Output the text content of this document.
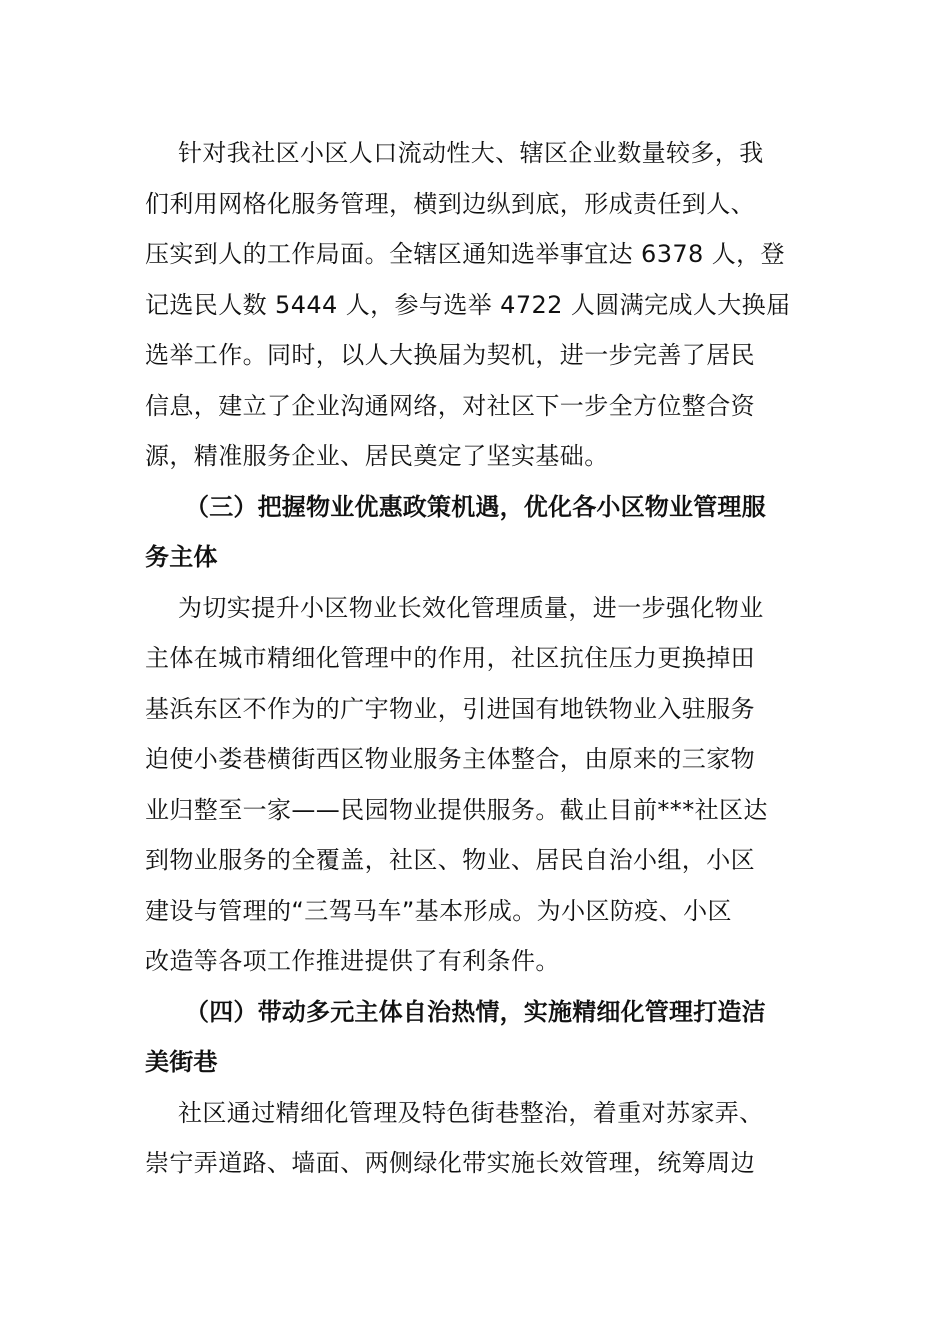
针对我社区小区人口流动性大、辖区企业数量较多，我
们利用网格化服务管理，横到边纵到底，形成责任到人、
压实到人的工作局面。全辖区通知选举事宜达 6378 人，登
记选民人数 5444 人，参与选举 4722 人圆满完成人大换届
选举工作。同时，以人大换届为契机，进一步完善了居民
信息，建立了企业沟通网络，对社区下一步全方位整合资
源，精准服务企业、居民奠定了坚实基础。

（三）把握物业优惠政策机遇，优化各小区物业管理服
务主体

为切实提升小区物业长效化管理质量，进一步强化物业
主体在城市精细化管理中的作用，社区抗住压力更换掉田
基浜东区不作为的广宇物业，引进国有地铁物业入驻服务
迫使小娄巷横街西区物业服务主体整合，由原来的三家物
业归整至一家——民园物业提供服务。截止目前***社区达
到物业服务的全覆盖，社区、物业、居民自治小组，小区
建设与管理的“三驾马车”基本形成。为小区防疫、小区
改造等各项工作推进提供了有利条件。

（四）带动多元主体自治热情，实施精细化管理打造洁
美街巷

社区通过精细化管理及特色街巷整治，着重对苏家弄、
崇宁弄道路、墙面、两侧绿化带实施长效管理，统筹周边
